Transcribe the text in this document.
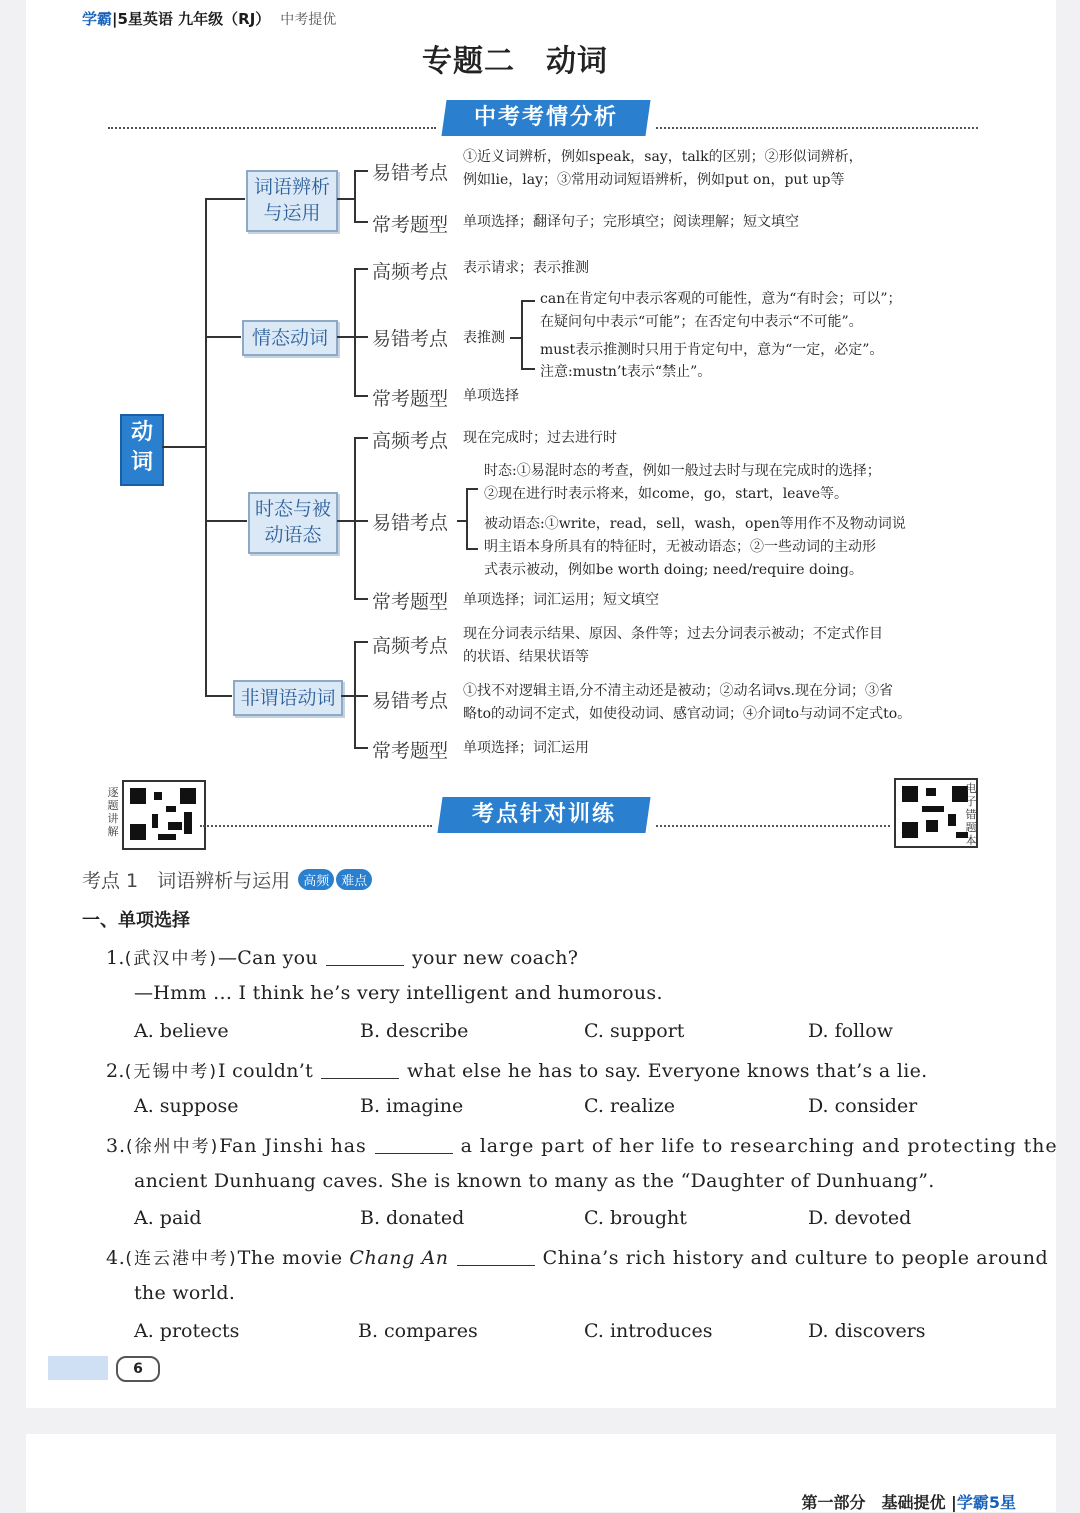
学霸|5星英语 九年级（RJ） 中考提优
专题二　动词
中考考情分析
动词
词语辨析
与运用
易错考点
①近义词辨析，例如speak，say，talk的区别；②形似词辨析，
例如lie，lay；③常用动词短语辨析，例如put on，put up等
常考题型 单项选择；翻译句子；完形填空；阅读理解；短文填空
情态动词
高频考点 表示请求；表示推测
易错考点 表推测
can在肯定句中表示客观的可能性，意为“有时会；可以”；
在疑问句中表示“可能”；在否定句中表示“不可能”。
must表示推测时只用于肯定句中，意为“一定，必定”。
注意:mustn’t表示“禁止”。
常考题型 单项选择
时态与被
动语态
高频考点 现在完成时；过去进行时
易错考点
时态:①易混时态的考查，例如一般过去时与现在完成时的选择；
②现在进行时表示将来，如come，go，start，leave等。
被动语态:①write，read，sell，wash，open等用作不及物动词说
明主语本身所具有的特征时，无被动语态；②一些动词的主动形
式表示被动，例如be worth doing; need/require doing。
常考题型 单项选择；词汇运用；短文填空
非谓语动词
高频考点
现在分词表示结果、原因、条件等；过去分词表示被动；不定式作目
的状语、结果状语等
易错考点 ①找不对逻辑主语,分不清主动还是被动；②动名词vs.现在分词；③省
略to的动词不定式，如使役动词、感官动词；④介词to与动词不定式to。
常考题型 单项选择；词汇运用
逐题讲解
考点针对训练
电子错题本
考点 1　词语辨析与运用 高频 难点
一、单项选择
1.(武汉中考)—Can you	your new coach?
—Hmm ... I think he’s very intelligent and humorous.
A. believe	B. describe	C. support	D. follow
2.(无锡中考)I couldn’t	what else he has to say. Everyone knows that’s a lie.
A. suppose	B. imagine	C. realize	D. consider
3.(徐州中考)Fan Jinshi has	a large part of her life to researching and protecting the
ancient Dunhuang caves. She is known to many as the “Daughter of Dunhuang”.
A. paid	B. donated	C. brought	D. devoted
4.(连云港中考)The movie Chang An	China’s rich history and culture to people around
the world.
A. protects	B. compares	C. introduces	D. discovers
6
第一部分　基础提优 |学霸5星
